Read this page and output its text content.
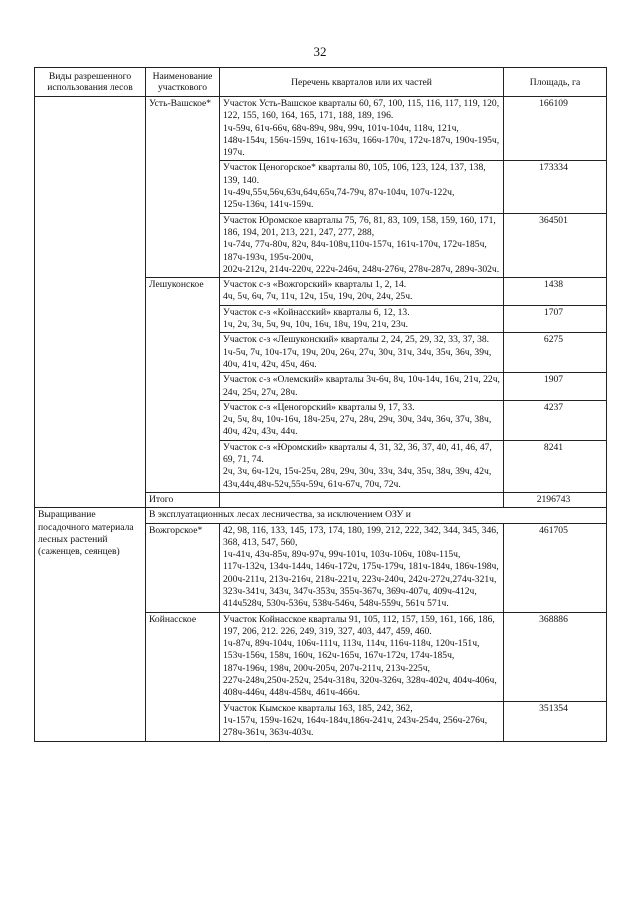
32
Виды разрешенного использования лесов	Наименование участкового	Перечень кварталов или их частей	Площадь, га
	Усть-Вашское*	Участок Усть-Вашское кварталы 60, 67, 100, 115, 116, 117, 119, 120, 122, 155, 160, 164, 165, 171, 188, 189, 196.
1ч-59ч, 61ч-66ч, 68ч-89ч, 98ч, 99ч, 101ч-104ч, 118ч, 121ч, 148ч-154ч, 156ч-159ч, 161ч-163ч, 166ч-170ч, 172ч-187ч, 190ч-195ч, 197ч.	166109

		Участок Ценогорское* кварталы 80, 105, 106, 123, 124, 137, 138, 139, 140.
1ч-49ч,55ч,56ч,63ч,64ч,65ч,74-79ч, 87ч-104ч, 107ч-122ч, 125ч-136ч, 141ч-159ч.	173334

		Участок Юромское кварталы 75, 76, 81, 83, 109, 158, 159, 160, 171, 186, 194, 201, 213, 221, 247, 277, 288,
1ч-74ч, 77ч-80ч, 82ч, 84ч-108ч,110ч-157ч, 161ч-170ч, 172ч-185ч, 187ч-193ч, 195ч-200ч,
202ч-212ч, 214ч-220ч, 222ч-246ч, 248ч-276ч, 278ч-287ч, 289ч-302ч.	364501

	Лешуконское	Участок с-з «Вожгорский» кварталы 1, 2, 14.
4ч, 5ч, 6ч, 7ч, 11ч, 12ч, 15ч, 19ч, 20ч, 24ч, 25ч.	1438

		Участок с-з «Койнасский» кварталы 6, 12, 13.
1ч, 2ч, 3ч, 5ч, 9ч, 10ч, 16ч, 18ч, 19ч, 21ч, 23ч.	1707

		Участок с-з «Лешуконский» кварталы 2, 24, 25, 29, 32, 33, 37, 38.
1ч-5ч, 7ч, 10ч-17ч, 19ч, 20ч, 26ч, 27ч, 30ч, 31ч, 34ч, 35ч, 36ч, 39ч, 40ч, 41ч, 42ч, 45ч, 46ч.	6275

		Участок с-з «Олемский» кварталы 3ч-6ч, 8ч, 10ч-14ч, 16ч, 21ч, 22ч, 24ч, 25ч, 27ч, 28ч.	1907

		Участок с-з «Ценогорский» кварталы 9, 17, 33.
2ч, 5ч, 8ч, 10ч-16ч, 18ч-25ч, 27ч, 28ч, 29ч, 30ч, 34ч, 36ч, 37ч, 38ч, 40ч, 42ч, 43ч, 44ч.	4237

		Участок с-з «Юромский» кварталы 4, 31, 32, 36, 37, 40, 41, 46, 47, 69, 71, 74.
2ч, 3ч, 6ч-12ч, 15ч-25ч, 28ч, 29ч, 30ч, 33ч, 34ч, 35ч, 38ч, 39ч, 42ч, 43ч,44ч,48ч-52ч,55ч-59ч, 61ч-67ч, 70ч, 72ч.	8241

	Итого		2196743

Выращивание посадочного материала лесных растений (саженцев, сеянцев)	В эксплуатационных лесах лесничества, за исключением ОЗУ и		
	Вожгорское*	42, 98, 116, 133, 145, 173, 174, 180, 199, 212, 222, 342, 344, 345, 346, 368, 413, 547, 560,
1ч-41ч, 43ч-85ч, 89ч-97ч, 99ч-101ч, 103ч-106ч, 108ч-115ч, 117ч-132ч, 134ч-144ч, 146ч-172ч, 175ч-179ч, 181ч-184ч, 186ч-198ч, 200ч-211ч, 213ч-216ч, 218ч-221ч, 223ч-240ч, 242ч-272ч,274ч-321ч, 323ч-341ч, 343ч, 347ч-353ч, 355ч-367ч, 369ч-407ч, 409ч-412ч, 414ч528ч, 530ч-536ч, 538ч-546ч, 548ч-559ч, 561ч 571ч.	461705

	Койнасское	Участок Койнасское кварталы 91, 105, 112, 157, 159, 161, 166, 186, 197, 206, 212. 226, 249, 319, 327, 403, 447, 459, 460.
1ч-87ч, 89ч-104ч, 106ч-111ч, 113ч, 114ч, 116ч-118ч, 120ч-151ч, 153ч-156ч, 158ч, 160ч, 162ч-165ч, 167ч-172ч, 174ч-185ч, 187ч-196ч, 198ч, 200ч-205ч, 207ч-211ч, 213ч-225ч, 227ч-248ч,250ч-252ч, 254ч-318ч, 320ч-326ч, 328ч-402ч, 404ч-406ч, 408ч-446ч, 448ч-458ч, 461ч-466ч.	368886

		Участок Кымское кварталы 163, 185, 242, 362,
1ч-157ч, 159ч-162ч, 164ч-184ч,186ч-241ч, 243ч-254ч, 256ч-276ч, 278ч-361ч, 363ч-403ч.	351354
